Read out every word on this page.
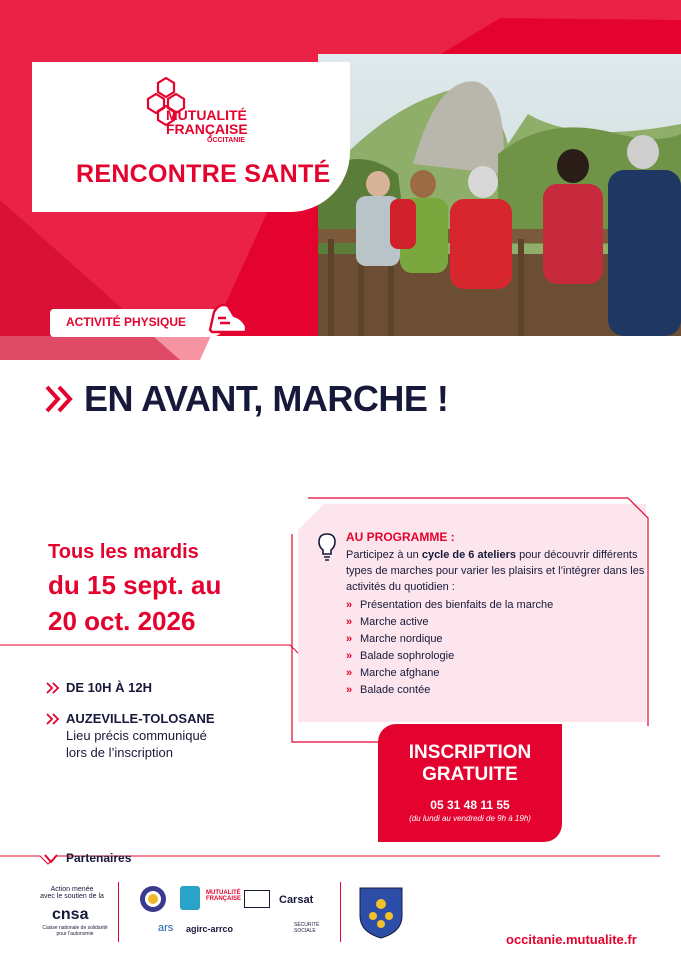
MUTUALITÉ
FRANÇAISE
OCCITANIE
RENCONTRE SANTÉ
ACTIVITÉ PHYSIQUE
EN AVANT, MARCHE !
Tous les mardis
du 15 sept. au
20 oct. 2026
DE 10H À 12H
AUZEVILLE-TOLOSANE
Lieu précis communiqué
lors de l’inscription
AU PROGRAMME :
Participez à un cycle de 6 ateliers pour découvrir différents types de marches pour varier les plaisirs et l’intégrer dans les activités du quotidien :
» Présentation des bienfaits de la marche
» Marche active
» Marche nordique
» Balade sophrologie
» Marche afghane
» Balade contée
INSCRIPTION
GRATUITE
05 31 48 11 55
(du lundi au vendredi de 9h à 19h)
Partenaires
Action menée
avec le soutien de la
cnsa
Caisse nationale de solidarité pour l’autonomie
MUTUALITÉ FRANÇAISE	Carsat
ars agirc-arrco	SÉCURITÉ SOCIALE
occitanie.mutualite.fr
